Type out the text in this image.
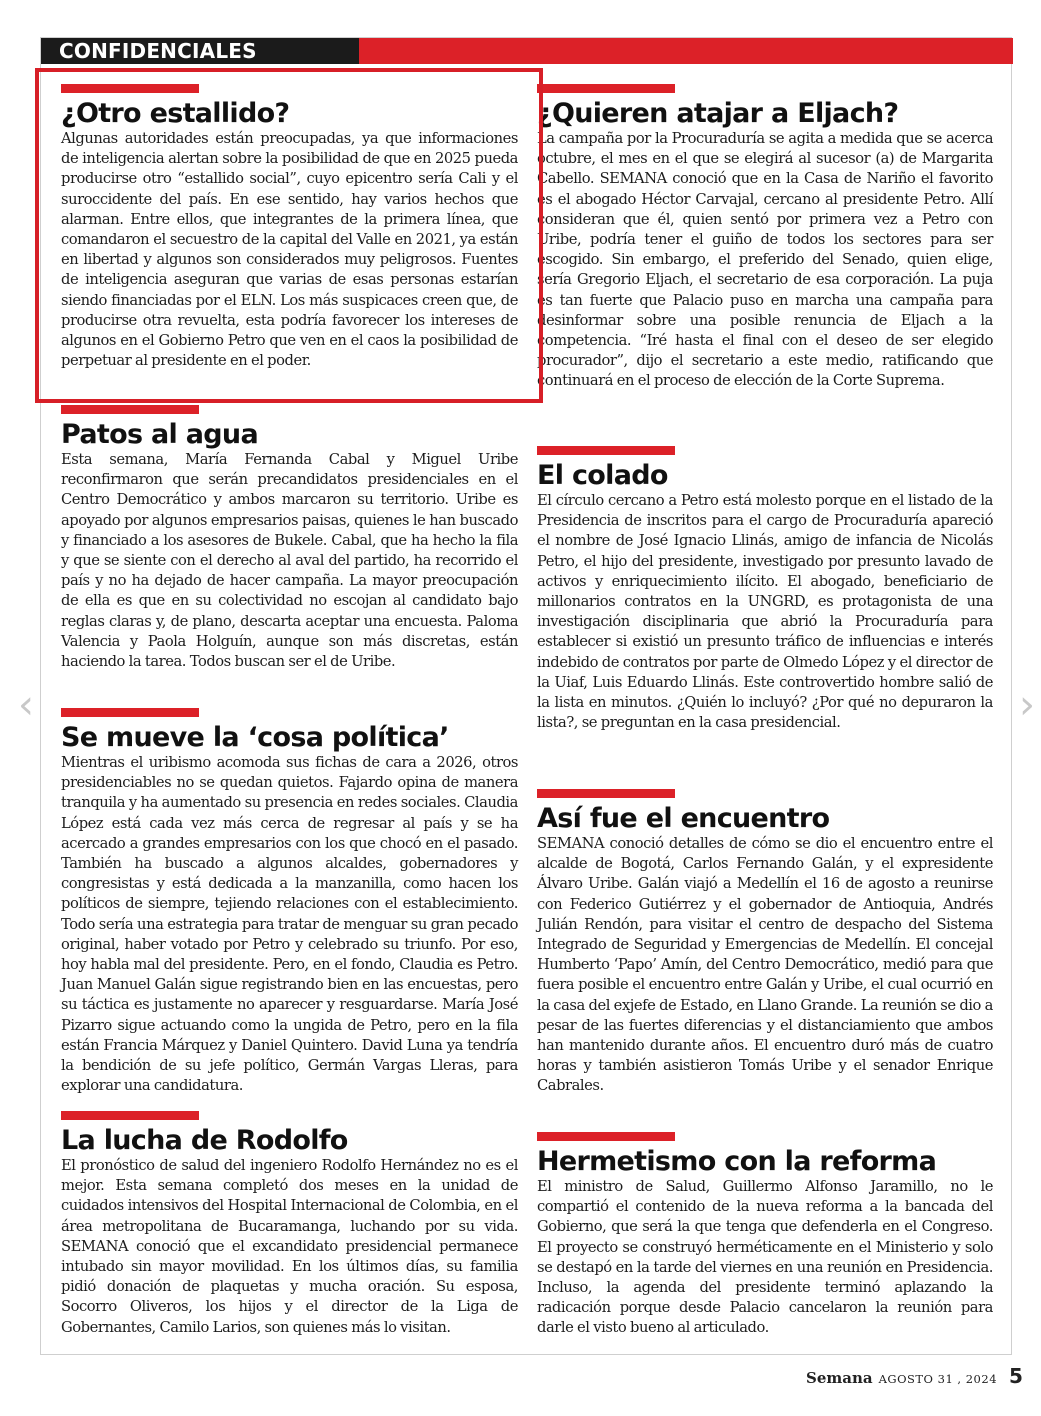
CONFIDENCIALES
¿Otro estallido?

Algunas autoridades están preocupadas, ya que informaciones de inteligencia alertan sobre la posibilidad de que en 2025 pueda producirse otro “estallido social”, cuyo epicentro sería Cali y el suroccidente del país. En ese sentido, hay varios hechos que alarman. Entre ellos, que integrantes de la primera línea, que comandaron el secuestro de la capital del Valle en 2021, ya están en libertad y algunos son considerados muy peligrosos. Fuentes de inteligencia aseguran que varias de esas personas estarían siendo financiadas por el ELN. Los más suspicaces creen que, de producirse otra revuelta, esta podría favorecer los intereses de algunos en el Gobierno Petro que ven en el caos la posibilidad de perpetuar al presidente en el poder.

Patos al agua

Esta semana, María Fernanda Cabal y Miguel Uribe reconfirmaron que serán precandidatos presidenciales en el Centro Democrático y ambos marcaron su territorio. Uribe es apoyado por algunos empresarios paisas, quienes le han buscado y financiado a los asesores de Bukele. Cabal, que ha hecho la fila y que se siente con el derecho al aval del partido, ha recorrido el país y no ha dejado de hacer campaña. La mayor preocupación de ella es que en su colectividad no escojan al candidato bajo reglas claras y, de plano, descarta aceptar una encuesta. Paloma Valencia y Paola Holguín, aunque son más discretas, están haciendo la tarea. Todos buscan ser el de Uribe.

Se mueve la ‘cosa política’

Mientras el uribismo acomoda sus fichas de cara a 2026, otros presidenciables no se quedan quietos. Fajardo opina de manera tranquila y ha aumentado su presencia en redes sociales. Claudia López está cada vez más cerca de regresar al país y se ha acercado a grandes empresarios con los que chocó en el pasado. También ha buscado a algunos alcaldes, gobernadores y congresistas y está dedicada a la manzanilla, como hacen los políticos de siempre, tejiendo relaciones con el establecimiento. Todo sería una estrategia para tratar de menguar su gran pecado original, haber votado por Petro y celebrado su triunfo. Por eso, hoy habla mal del presidente. Pero, en el fondo, Claudia es Petro. Juan Manuel Galán sigue registrando bien en las encuestas, pero su táctica es justamente no aparecer y resguardarse. María José Pizarro sigue actuando como la ungida de Petro, pero en la fila están Francia Márquez y Daniel Quintero. David Luna ya tendría la bendición de su jefe político, Germán Vargas Lleras, para explorar una candidatura.

La lucha de Rodolfo

El pronóstico de salud del ingeniero Rodolfo Hernández no es el mejor. Esta semana completó dos meses en la unidad de cuidados intensivos del Hospital Internacional de Colombia, en el área metropolitana de Bucaramanga, luchando por su vida. SEMANA conoció que el excandidato presidencial permanece intubado sin mayor movilidad. En los últimos días, su familia pidió donación de plaquetas y mucha oración. Su esposa, Socorro Oliveros, los hijos y el director de la Liga de Gobernantes, Camilo Larios, son quienes más lo visitan.

¿Quieren atajar a Eljach?

La campaña por la Procuraduría se agita a medida que se acerca octubre, el mes en el que se elegirá al sucesor (a) de Margarita Cabello. SEMANA conoció que en la Casa de Nariño el favorito es el abogado Héctor Carvajal, cercano al presidente Petro. Allí consideran que él, quien sentó por primera vez a Petro con Uribe, podría tener el guiño de todos los sectores para ser escogido. Sin embargo, el preferido del Senado, quien elige, sería Gregorio Eljach, el secretario de esa corporación. La puja es tan fuerte que Palacio puso en marcha una campaña para desinformar sobre una posible renuncia de Eljach a la competencia. “Iré hasta el final con el deseo de ser elegido procurador”, dijo el secretario a este medio, ratificando que continuará en el proceso de elección de la Corte Suprema.

El colado

El círculo cercano a Petro está molesto porque en el listado de la Presidencia de inscritos para el cargo de Procuraduría apareció el nombre de José Ignacio Llinás, amigo de infancia de Nicolás Petro, el hijo del presidente, investigado por presunto lavado de activos y enriquecimiento ilícito. El abogado, beneficiario de millonarios contratos en la UNGRD, es protagonista de una investigación disciplinaria que abrió la Procuraduría para establecer si existió un presunto tráfico de influencias e interés indebido de contratos por parte de Olmedo López y el director de la Uiaf, Luis Eduardo Llinás. Este controvertido hombre salió de la lista en minutos. ¿Quién lo incluyó? ¿Por qué no depuraron la lista?, se preguntan en la casa presidencial.

Así fue el encuentro

SEMANA conoció detalles de cómo se dio el encuentro entre el alcalde de Bogotá, Carlos Fernando Galán, y el expresidente Álvaro Uribe. Galán viajó a Medellín el 16 de agosto a reunirse con Federico Gutiérrez y el gobernador de Antioquia, Andrés Julián Rendón, para visitar el centro de despacho del Sistema Integrado de Seguridad y Emergencias de Medellín. El concejal Humberto ‘Papo’ Amín, del Centro Democrático, medió para que fuera posible el encuentro entre Galán y Uribe, el cual ocurrió en la casa del exjefe de Estado, en Llano Grande. La reunión se dio a pesar de las fuertes diferencias y el distanciamiento que ambos han mantenido durante años. El encuentro duró más de cuatro horas y también asistieron Tomás Uribe y el senador Enrique Cabrales.

Hermetismo con la reforma

El ministro de Salud, Guillermo Alfonso Jaramillo, no le compartió el contenido de la nueva reforma a la bancada del Gobierno, que será la que tenga que defenderla en el Congreso. El proyecto se construyó herméticamente en el Ministerio y solo se destapó en la tarde del viernes en una reunión en Presidencia. Incluso, la agenda del presidente terminó aplazando la radicación porque desde Palacio cancelaron la reunión para darle el visto bueno al articulado.

‹	›
Semana AGOSTO 31 , 2024 5
